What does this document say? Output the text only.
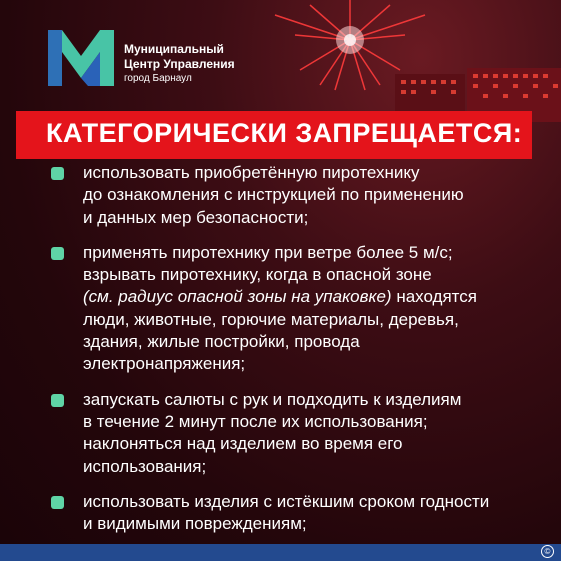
Муниципальный
Центр Управления
город Барнаул
КАТЕГОРИЧЕСКИ ЗАПРЕЩАЕТСЯ:
использовать приобретённую пиротехнику
до ознакомления с инструкцией по применению
и данных мер безопасности;
применять пиротехнику при ветре более 5 м/с;
взрывать пиротехнику, когда в опасной зоне
(см. радиус опасной зоны на упаковке) находятся
люди, животные, горючие материалы, деревья,
здания, жилые постройки, провода
электронапряжения;
запускать салюты с рук и подходить к изделиям
в течение 2 минут после их использования;
наклоняться над изделием во время его
использования;
использовать изделия с истёкшим сроком годности
и видимыми повреждениям;
©
